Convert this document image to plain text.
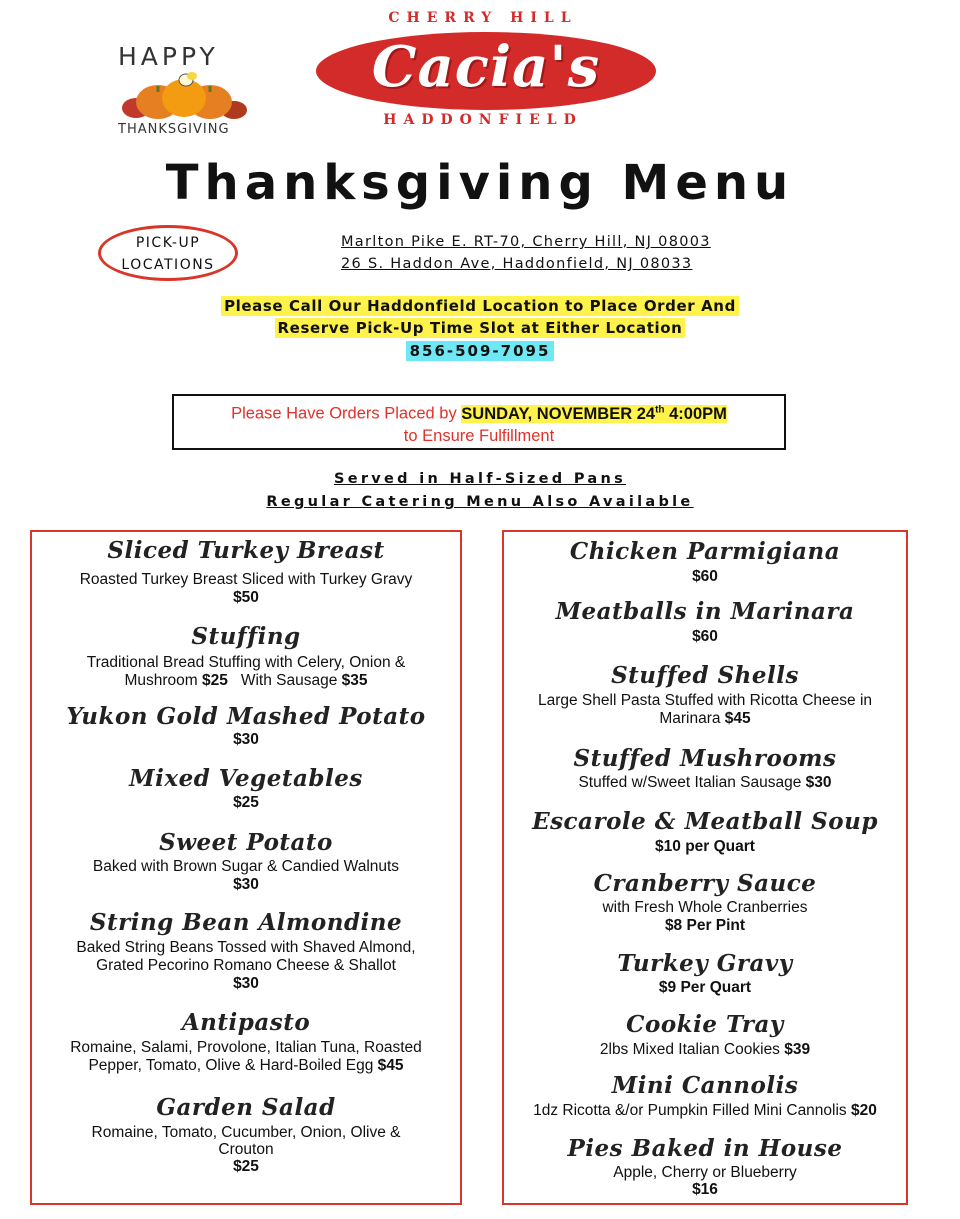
HAPPY
THANKSGIVING
CHERRY HILL
Cacia's
HADDONFIELD
Thanksgiving Menu
PICK-UP
LOCATIONS
Marlton Pike E. RT-70, Cherry Hill, NJ 08003
26 S. Haddon Ave, Haddonfield, NJ 08033
Please Call Our Haddonfield Location to Place Order And
Reserve Pick-Up Time Slot at Either Location
856-509-7095
Please Have Orders Placed by SUNDAY, NOVEMBER 24th 4:00PM
to Ensure Fulfillment
Served in Half-Sized Pans
Regular Catering Menu Also Available
Sliced Turkey Breast
Roasted Turkey Breast Sliced with Turkey Gravy
$50
Stuffing
Traditional Bread Stuffing with Celery, Onion &
Mushroom $25 With Sausage $35
Yukon Gold Mashed Potato
$30
Mixed Vegetables
$25
Sweet Potato
Baked with Brown Sugar & Candied Walnuts
$30
String Bean Almondine
Baked String Beans Tossed with Shaved Almond,
Grated Pecorino Romano Cheese & Shallot
$30
Antipasto
Romaine, Salami, Provolone, Italian Tuna, Roasted
Pepper, Tomato, Olive & Hard-Boiled Egg $45
Garden Salad
Romaine, Tomato, Cucumber, Onion, Olive &
Crouton
$25
Chicken Parmigiana
$60
Meatballs in Marinara
$60
Stuffed Shells
Large Shell Pasta Stuffed with Ricotta Cheese in
Marinara $45
Stuffed Mushrooms
Stuffed w/Sweet Italian Sausage $30
Escarole & Meatball Soup
$10 per Quart
Cranberry Sauce
with Fresh Whole Cranberries
$8 Per Pint
Turkey Gravy
$9 Per Quart
Cookie Tray
2lbs Mixed Italian Cookies $39
Mini Cannolis
1dz Ricotta &/or Pumpkin Filled Mini Cannolis $20
Pies Baked in House
Apple, Cherry or Blueberry
$16
